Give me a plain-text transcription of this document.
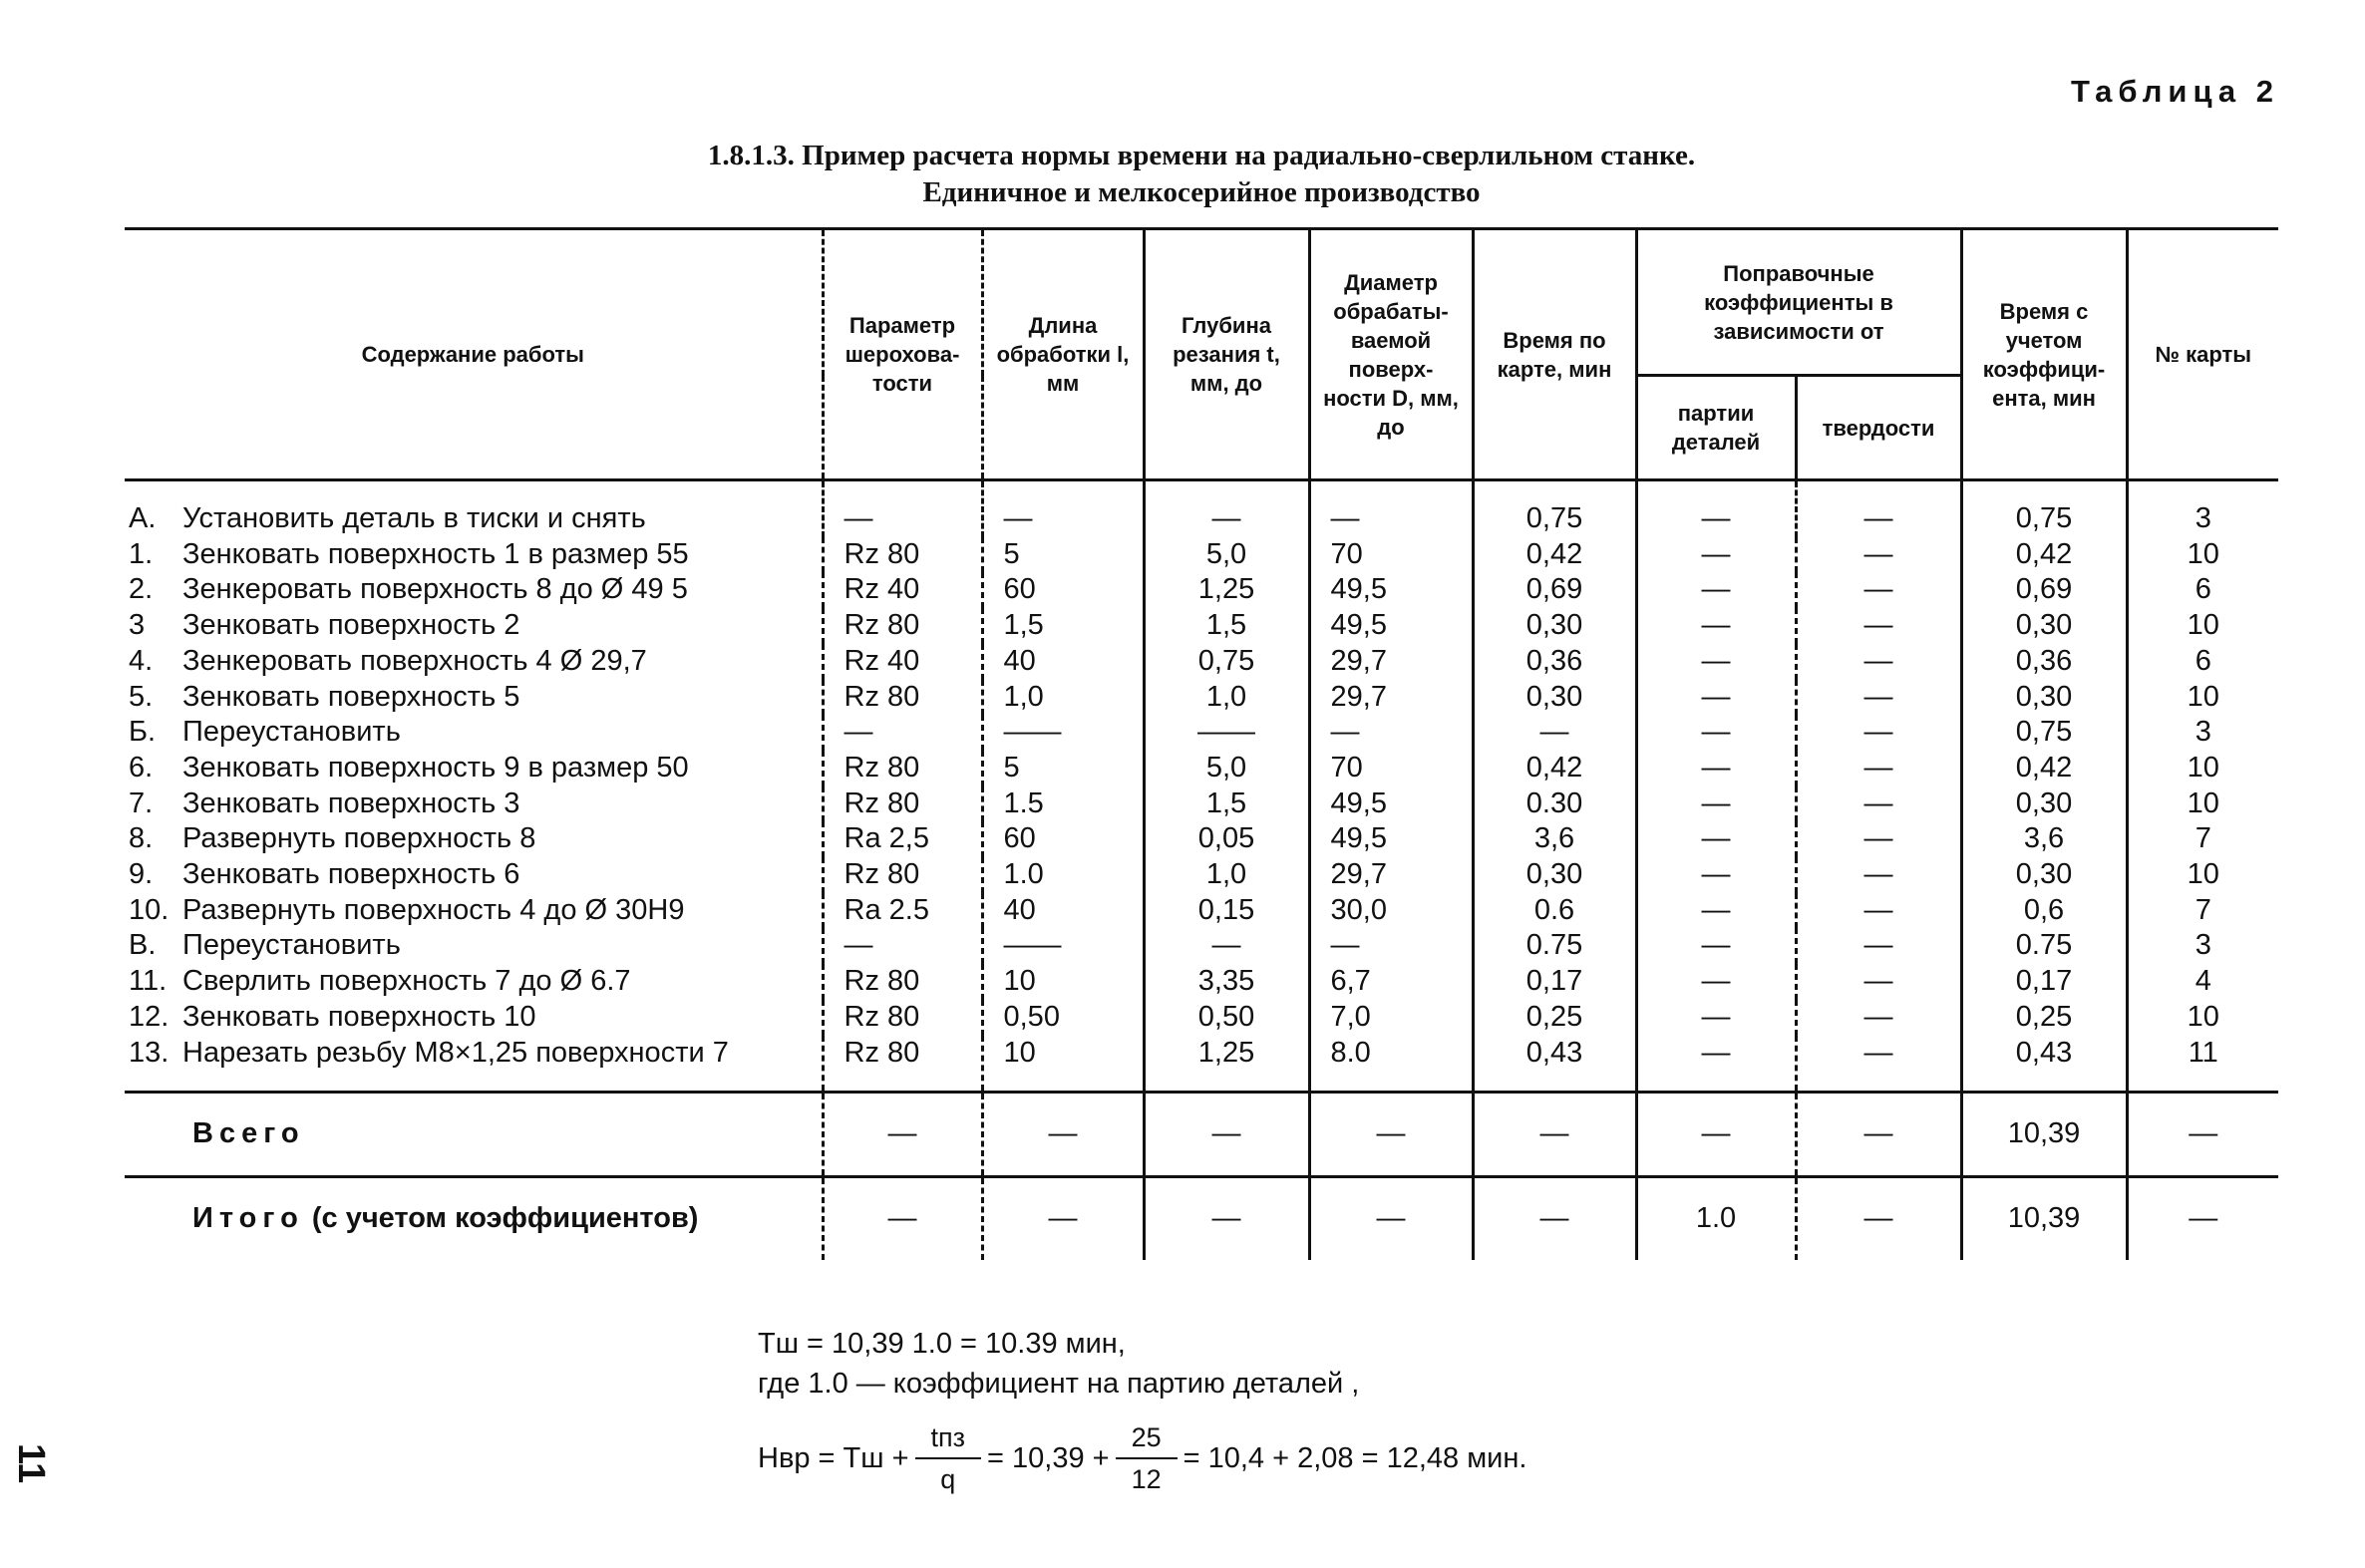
Таблица 2
1.8.1.3. Пример расчета нормы времени на радиально-сверлильном станке.
Единичное и мелкосерийное производство
Содержание работы	Параметр шерохова- тости	Длина обработки l, мм	Глубина резания t, мм, до	Диаметр обрабаты- ваемой поверх- ности D, мм, до	Время по карте, мин	Поправочные коэффициенты в зависимости от		Время с учетом коэффици- ента, мин	№ карты
						партии деталей	твердости		
А. Установить деталь в тиски и снять	—	—	—	—	0,75	—	—	0,75	3
1. Зенковать поверхность 1 в размер 55	Rz 80	5	5,0	70	0,42	—	—	0,42	10
2. Зенкеровать поверхность 8 до Ø 49 5	Rz 40	60	1,25	49,5	0,69	—	—	0,69	6
3 Зенковать поверхность 2	Rz 80	1,5	1,5	49,5	0,30	—	—	0,30	10
4. Зенкеровать поверхность 4 Ø 29,7	Rz 40	40	0,75	29,7	0,36	—	—	0,36	6
5. Зенковать поверхность 5	Rz 80	1,0	1,0	29,7	0,30	—	—	0,30	10
Б. Переустановить	—	——	——	—	—	—	—	0,75	3
6. Зенковать поверхность 9 в размер 50	Rz 80	5	5,0	70	0,42	—	—	0,42	10
7. Зенковать поверхность 3	Rz 80	1.5	1,5	49,5	0.30	—	—	0,30	10
8. Развернуть поверхность 8	Ra 2,5	60	0,05	49,5	3,6	—	—	3,6	7
9. Зенковать поверхность 6	Rz 80	1.0	1,0	29,7	0,30	—	—	0,30	10
10. Развернуть поверхность 4 до Ø 30Н9	Ra 2.5	40	0,15	30,0	0.6	—	—	0,6	7
В. Переустановить	—	——	—	—	0.75	—	—	0.75	3
11. Сверлить поверхность 7 до Ø 6.7	Rz 80	10	3,35	6,7	0,17	—	—	0,17	4
12. Зенковать поверхность 10	Rz 80	0,50	0,50	7,0	0,25	—	—	0,25	10
13. Нарезать резьбу М8×1,25 поверхности 7	Rz 80	10	1,25	8.0	0,43	—	—	0,43	11
Всего	—	—	—	—	—	—	—	10,39	—
Итого (с учетом коэффициентов)	—	—	—	—	—	1.0	—	10,39	—
Тш = 10,39 1.0 = 10.39 мин,
где 1.0 — коэффициент на партию деталей ,
Нвр = Тш + $\frac{\text{tпз}}{q} = 10,39 + \frac{25}{12} = 10,4 + 2,08 = 12,48$ мин.
11
